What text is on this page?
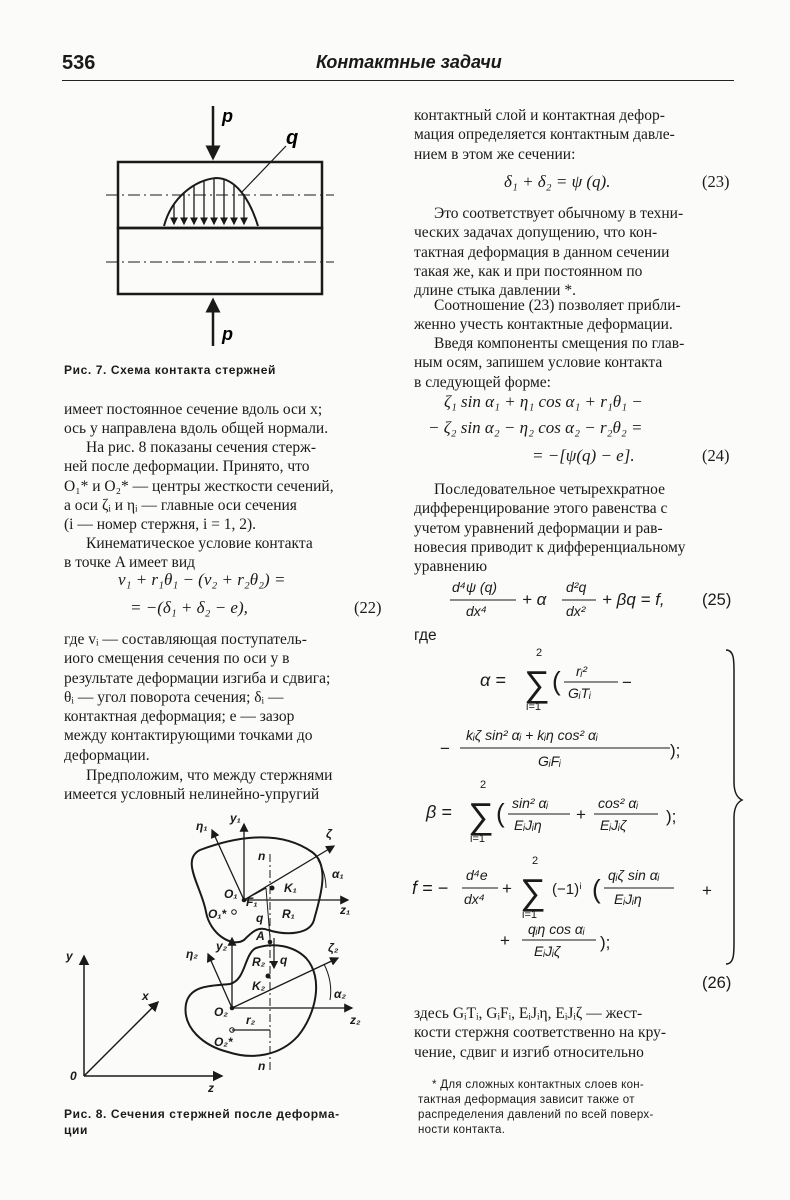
536	Контактные задачи
p
q
p
Рис. 7. Схема контакта стержней
имеет постоянное сечение вдоль оси x;
ось y направлена вдоль общей нормали.
На рис. 8 показаны сечения стерж-
ней после деформации. Принято, что
O₁* и O₂* — центры жесткости сечений,
а оси ζᵢ и ηᵢ — главные оси сечения
(i — номер стержня, i = 1, 2).
Кинематическое условие контакта
в точке A имеет вид
v₁ + r₁θ₁ − (v₂ + r₂θ₂) =
= −(δ₁ + δ₂ − e),	(22)
где vᵢ — составляющая поступатель-
иого смещения сечения по оси y в
результате деформации изгиба и сдвига;
θᵢ — угол поворота сечения; δᵢ —
контактная деформация; e — зазор
между контактирующими точками до
деформации.
Предположим, что между стержнями
имеется условный нелинейно-упругий
η₁
y₁
ζ
α₁
n
K₁
O₁
O₁*
F₁
q R₁	z₁
A
η₂
y₂
R₂ q
ζ₂
K₂
α₂
O₂
r₂	z₂
O₂*
n
y
x
0
z
Рис. 8. Сечения стержней после деформа-
ции
контактный слой и контактная дефор-
мация определяется контактным давле-
нием в этом же сечении:
δ₁ + δ₂ = ψ (q).	(23)
Это соответствует обычному в техни-
ческих задачах допущению, что кон-
тактная деформация в данном сечении
такая же, как и при постоянном по
длине стыка давлении *.
Соотношение (23) позволяет прибли-
женно учесть контактные деформации.
Введя компоненты смещения по глав-
ным осям, запишем условие контакта
в следующей форме:
ζ₁ sin α₁ + η₁ cos α₁ + r₁θ₁ −
− ζ₂ sin α₂ − η₂ cos α₂ − r₂θ₂ =
= −[ψ(q) − e].	(24)
Последовательное четырехкратное
дифференцирование этого равенства с
учетом уравнений деформации и рав-
новесия приводит к дифференциальному
уравнению
d⁴ψ (q)
dx⁴
+ α
d²q
dx²
+ βq = f, (25)
где
α =
2
∑
i=1
( rᵢ²
GᵢTᵢ
−
−
kᵢζ sin² αᵢ + kᵢη cos² αᵢ
GᵢFᵢ
);
β =
2
∑
i=1
( sin² αᵢ
EᵢJᵢη
+
cos² αᵢ
EᵢJᵢζ );
f = −
d⁴e
dx⁴
+
2
∑
i=1
(−1)ⁱ ( qᵢζ sin αᵢ
EᵢJᵢη	+
+
qᵢη cos αᵢ
EᵢJᵢζ );
(26)
здесь GᵢTᵢ, GᵢFᵢ, EᵢJᵢη, EᵢJᵢζ — жест-
кости стержня соответственно на кру-
чение, сдвиг и изгиб относительно
* Для сложных контактных слоев кон-
тактная деформация зависит также от
распределения давлений по всей поверх-
ности контакта.
